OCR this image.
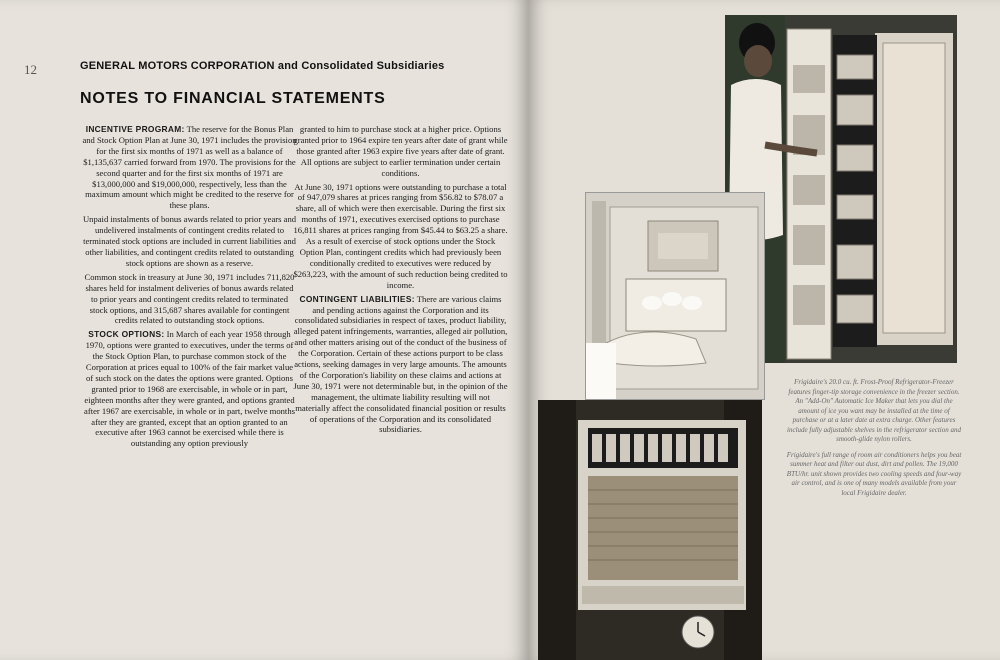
12	GENERAL MOTORS CORPORATION and Consolidated Subsidiaries
NOTES TO FINANCIAL STATEMENTS

INCENTIVE PROGRAM: The reserve for the Bonus Plan and Stock Option Plan at June 30, 1971 includes the provision for the first six months of 1971 as well as a balance of $1,135,637 carried forward from 1970. The provisions for the second quarter and for the first six months of 1971 are $13,000,000 and $19,000,000, respectively, less than the maximum amount which might be credited to the reserve for these plans.

Unpaid instalments of bonus awards related to prior years and undelivered instalments of contingent credits related to terminated stock options are included in current liabilities and other liabilities, and contingent credits related to outstanding stock options are shown as a reserve.

Common stock in treasury at June 30, 1971 includes 711,820 shares held for instalment deliveries of bonus awards related to prior years and contingent credits related to terminated stock options, and 315,687 shares available for contingent credits related to outstanding stock options.

STOCK OPTIONS: In March of each year 1958 through 1970, options were granted to executives, under the terms of the Stock Option Plan, to purchase common stock of the Corporation at prices equal to 100% of the fair market value of such stock on the dates the options were granted. Options granted prior to 1968 are exercisable, in whole or in part, eighteen months after they were granted, and options granted after 1967 are exercisable, in whole or in part, twelve months after they are granted, except that an option granted to an executive after 1963 cannot be exercised while there is outstanding any option previously

granted to him to purchase stock at a higher price. Options granted prior to 1964 expire ten years after date of grant while those granted after 1963 expire five years after date of grant. All options are subject to earlier termination under certain conditions.

At June 30, 1971 options were outstanding to purchase a total of 947,079 shares at prices ranging from $56.82 to $78.07 a share, all of which were then exercisable. During the first six months of 1971, executives exercised options to purchase 16,811 shares at prices ranging from $45.44 to $63.25 a share. As a result of exercise of stock options under the Stock Option Plan, contingent credits which had previously been conditionally credited to executives were reduced by $263,223, with the amount of such reduction being credited to income.

CONTINGENT LIABILITIES: There are various claims and pending actions against the Corporation and its consolidated subsidiaries in respect of taxes, product liability, alleged patent infringements, warranties, alleged air pollution, and other matters arising out of the conduct of the business of the Corporation. Certain of these actions purport to be class actions, seeking damages in very large amounts. The amounts of the Corporation's liability on these claims and actions at June 30, 1971 were not determinable but, in the opinion of the management, the ultimate liability resulting will not materially affect the consolidated financial position or results of operations of the Corporation and its consolidated subsidiaries.

Frigidaire's 20.0 cu. ft. Frost-Proof Refrigerator-Freezer features finger-tip storage convenience in the freezer section. An "Add-On" Automatic Ice Maker that lets you dial the amount of ice you want may be installed at the time of purchase or at a later date at extra charge. Other features include fully adjustable shelves in the refrigerator section and smooth-glide nylon rollers.

Frigidaire's full range of room air conditioners helps you beat summer heat and filter out dust, dirt and pollen. The 19,000 BTU/hr. unit shown provides two cooling speeds and four-way air control, and is one of many models available from your local Frigidaire dealer.
